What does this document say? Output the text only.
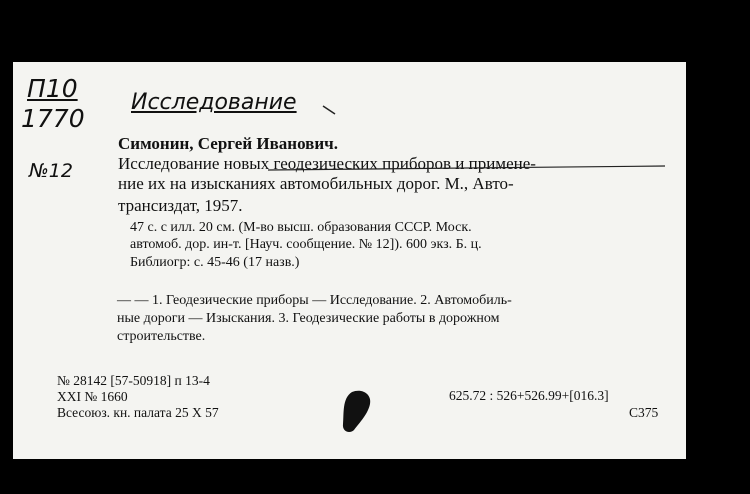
П10
1770
Исследование
№12
Симонин, Сергей Иванович.
Исследование новых геодезических приборов и примене-
ние их на изысканиях автомобильных дорог. М., Авто-
трансиздат, 1957.
47 с. с илл. 20 см. (М-во высш. образования СССР. Моск.
автомоб. дор. ин-т. [Науч. сообщение. № 12]). 600 экз. Б. ц.
Библиогр: с. 45-46 (17 назв.)
— — 1. Геодезические приборы — Исследование. 2. Автомобиль-
ные дороги — Изыскания. 3. Геодезические работы в дорожном
строительстве.
№ 28142 [57-50918] п 13-4
XXI № 1660
Всесоюз. кн. палата 25 X 57
625.72 : 526+526.99+[016.3]
С375
